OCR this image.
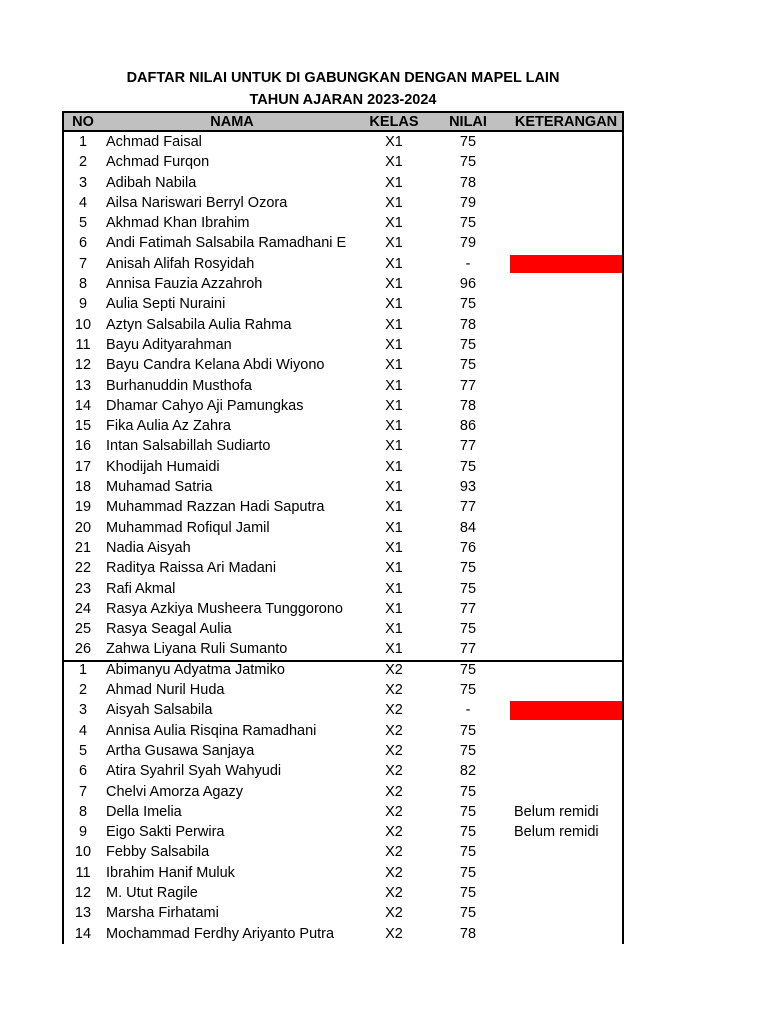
DAFTAR NILAI UNTUK DI GABUNGKAN DENGAN MAPEL LAIN
TAHUN AJARAN 2023-2024
NO	NAMA	KELAS	NILAI	KETERANGAN
1	Achmad Faisal	X1	75
2	Achmad Furqon	X1	75
3	Adibah Nabila	X1	78
4	Ailsa Nariswari Berryl Ozora	X1	79
5	Akhmad Khan Ibrahim	X1	75
6	Andi Fatimah Salsabila Ramadhani E	X1	79
7	Anisah Alifah Rosyidah	X1	-
8	Annisa Fauzia Azzahroh	X1	96
9	Aulia Septi Nuraini	X1	75
10	Aztyn Salsabila Aulia Rahma	X1	78
11	Bayu Adityarahman	X1	75
12	Bayu Candra Kelana Abdi Wiyono	X1	75
13	Burhanuddin Musthofa	X1	77
14	Dhamar Cahyo Aji Pamungkas	X1	78
15	Fika Aulia Az Zahra	X1	86
16	Intan Salsabillah Sudiarto	X1	77
17	Khodijah Humaidi	X1	75
18	Muhamad Satria	X1	93
19	Muhammad Razzan Hadi Saputra	X1	77
20	Muhammad Rofiqul Jamil	X1	84
21	Nadia Aisyah	X1	76
22	Raditya Raissa Ari Madani	X1	75
23	Rafi Akmal	X1	75
24	Rasya Azkiya Musheera Tunggorono	X1	77
25	Rasya Seagal Aulia	X1	75
26	Zahwa Liyana Ruli Sumanto	X1	77
1	Abimanyu Adyatma Jatmiko	X2	75
2	Ahmad Nuril Huda	X2	75
3	Aisyah Salsabila	X2	-
4	Annisa Aulia Risqina Ramadhani	X2	75
5	Artha Gusawa Sanjaya	X2	75
6	Atira Syahril Syah Wahyudi	X2	82
7	Chelvi Amorza Agazy	X2	75
8	Della Imelia	X2	75	Belum remidi
9	Eigo Sakti Perwira	X2	75	Belum remidi
10	Febby Salsabila	X2	75
11	Ibrahim Hanif Muluk	X2	75
12	M. Utut Ragile	X2	75
13	Marsha Firhatami	X2	75
14	Mochammad Ferdhy Ariyanto Putra	X2	78
